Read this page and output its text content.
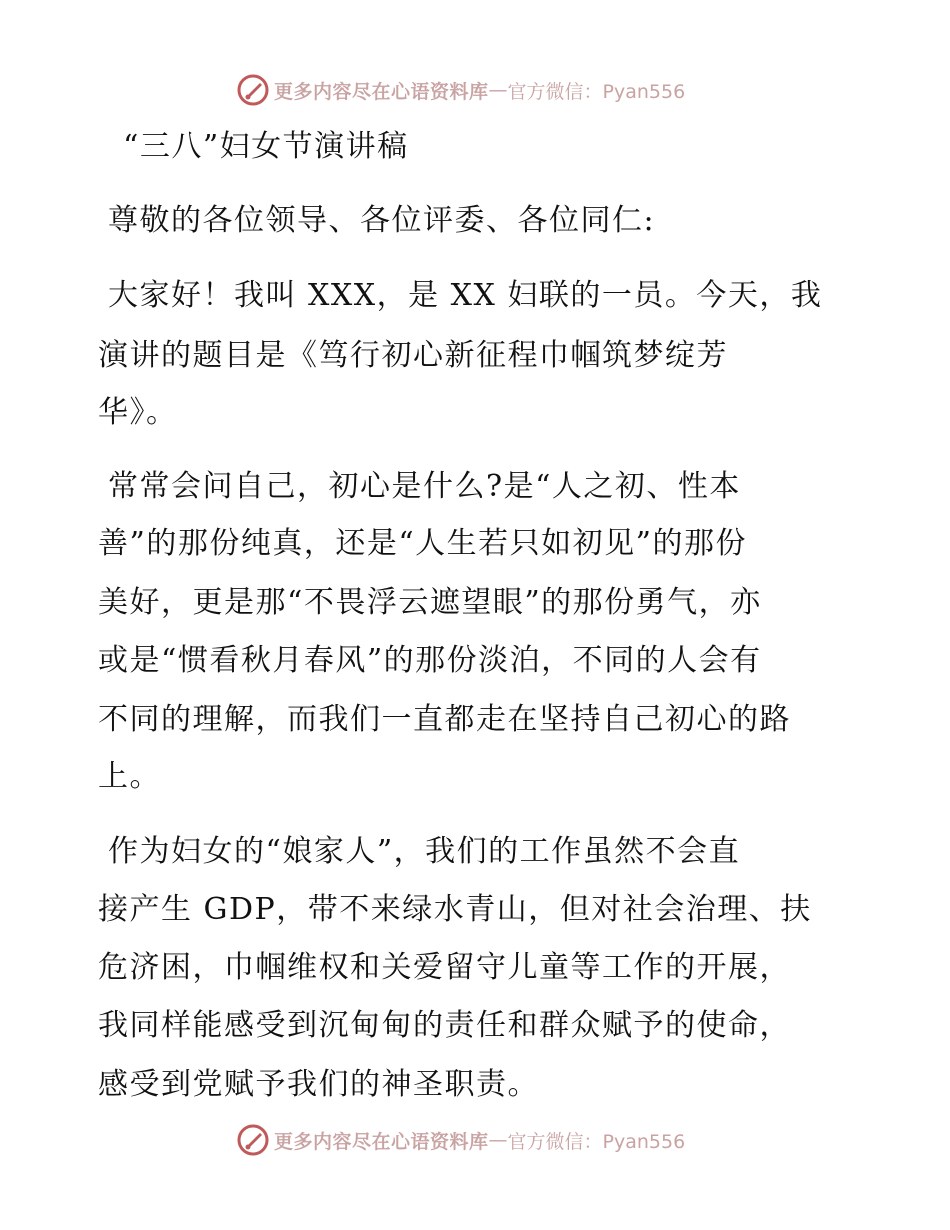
更多内容尽在心语资料库 — 官方微信：Pyan556
“三八”妇女节演讲稿
尊敬的各位领导、各位评委、各位同仁:
大家好！我叫 XXX，是 XX 妇联的一员。今天，我
演讲的题目是《笃行初心新征程巾帼筑梦绽芳
华》。
常常会问自己，初心是什么?是“人之初、性本
善”的那份纯真，还是“人生若只如初见”的那份
美好，更是那“不畏浮云遮望眼”的那份勇气，亦
或是“惯看秋月春风”的那份淡泊，不同的人会有
不同的理解，而我们一直都走在坚持自己初心的路
上。
作为妇女的“娘家人”，我们的工作虽然不会直
接产生 GDP，带不来绿水青山，但对社会治理、扶
危济困，巾帼维权和关爱留守儿童等工作的开展，
我同样能感受到沉甸甸的责任和群众赋予的使命，
感受到党赋予我们的神圣职责。
更多内容尽在心语资料库 — 官方微信：Pyan556
